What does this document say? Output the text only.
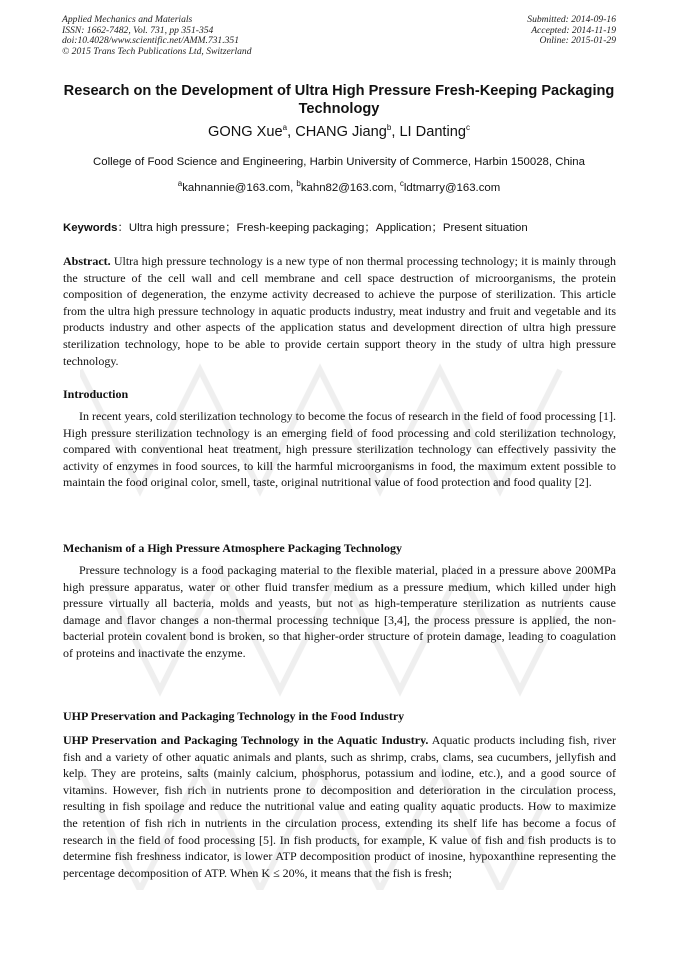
Applied Mechanics and Materials
ISSN: 1662-7482, Vol. 731, pp 351-354
doi:10.4028/www.scientific.net/AMM.731.351
© 2015 Trans Tech Publications Ltd, Switzerland
Submitted: 2014-09-16
Accepted: 2014-11-19
Online: 2015-01-29
Research on the Development of Ultra High Pressure Fresh-Keeping Packaging Technology
GONG Xue$^a$, CHANG Jiang$^b$, LI Danting$^c$
College of Food Science and Engineering, Harbin University of Commerce, Harbin 150028, China
$^a$kahnannie@163.com, $^b$kahn82@163.com, $^c$ldtmarry@163.com
Keywords：Ultra high pressure；Fresh-keeping packaging；Application；Present situation
Abstract. Ultra high pressure technology is a new type of non thermal processing technology; it is mainly through the structure of the cell wall and cell membrane and cell space destruction of microorganisms, the protein composition of degeneration, the enzyme activity decreased to achieve the purpose of sterilization. This article from the ultra high pressure technology in aquatic products industry, meat industry and fruit and vegetable and its products industry and other aspects of the application status and development direction of ultra high pressure sterilization technology, hope to be able to provide certain support theory in the study of ultra high pressure technology.
Introduction
In recent years, cold sterilization technology to become the focus of research in the field of food processing [1]. High pressure sterilization technology is an emerging field of food processing and cold sterilization technology, compared with conventional heat treatment, high pressure sterilization technology can effectively passivity the activity of enzymes in food sources, to kill the harmful microorganisms in food, the maximum extent possible to maintain the food original color, smell, taste, original nutritional value of food protection and food quality [2].
Mechanism of a High Pressure Atmosphere Packaging Technology
Pressure technology is a food packaging material to the flexible material, placed in a pressure above 200MPa high pressure apparatus, water or other fluid transfer medium as a pressure medium, which killed under high pressure virtually all bacteria, molds and yeasts, but not as high-temperature sterilization as nutrients cause damage and flavor changes a non-thermal processing technique [3,4], the process pressure is applied, the non-bacterial protein covalent bond is broken, so that higher-order structure of protein damage, leading to coagulation of proteins and inactivate the enzyme.
UHP Preservation and Packaging Technology in the Food Industry
UHP Preservation and Packaging Technology in the Aquatic Industry. Aquatic products including fish, river fish and a variety of other aquatic animals and plants, such as shrimp, crabs, clams, sea cucumbers, jellyfish and kelp. They are proteins, salts (mainly calcium, phosphorus, potassium and iodine, etc.), and a good source of vitamins. However, fish rich in nutrients prone to decomposition and deterioration in the circulation process, resulting in fish spoilage and reduce the nutritional value and eating quality aquatic products. How to maximize the retention of fish rich in nutrients in the circulation process, extending its shelf life has become a focus of research in the field of food processing [5]. In fish products, for example, K value of fish and fish products is to determine fish freshness indicator, is lower ATP decomposition product of inosine, hypoxanthine representing the percentage decomposition of ATP. When K ≤ 20%, it means that the fish is fresh;
